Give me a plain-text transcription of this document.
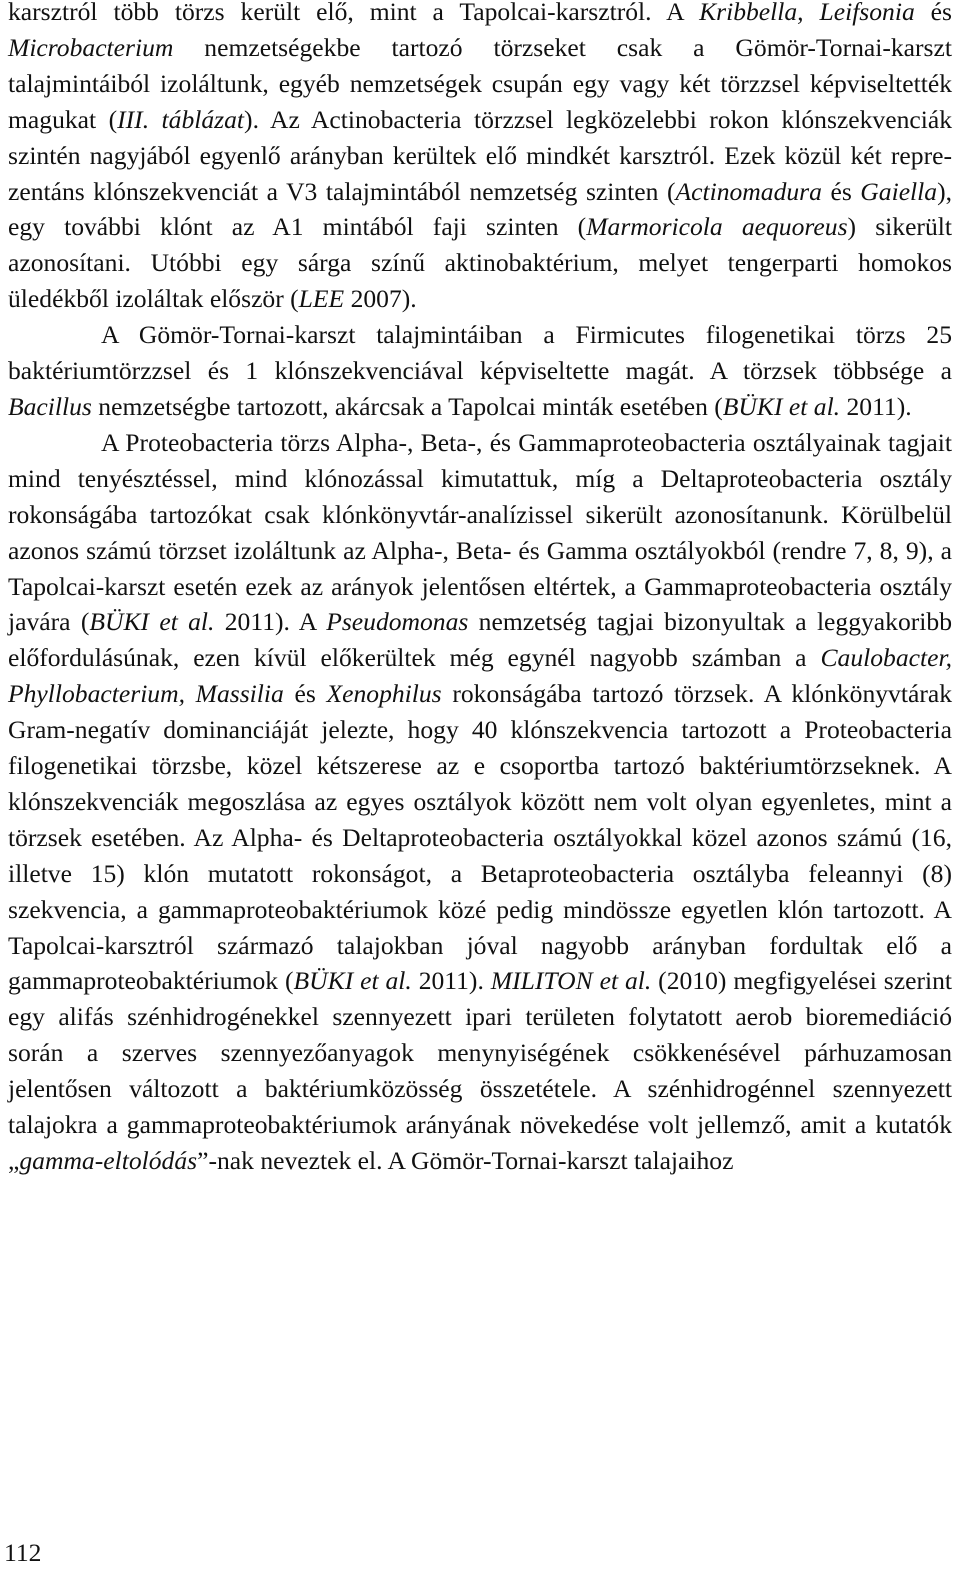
karsztról több törzs került elő, mint a Tapolcai-karsztról. A Kribbella, Leifsonia és Microbacterium nemzetségekbe tartozó törzseket csak a Gömör-Tornai-karszt talajmintáiból izoláltunk, egyéb nemzetségek csupán egy vagy két törzzsel képviseltették magukat (III. táblázat). Az Actinobacteria törzzsel legközelebbi rokon klónszekvenciák szintén nagyjából egyenlő arányban kerültek elő mindkét karsztról. Ezek közül két reprezentáns klónszekvenciát a V3 talajmintából nemzetség szinten (Actinomadura és Gaiella), egy további klónt az A1 mintából faji szinten (Marmoricola aequoreus) sikerült azonosítani. Utóbbi egy sárga színű aktinobaktérium, melyet tengerparti homokos üledékből izoláltak először (LEE 2007).

A Gömör-Tornai-karszt talajmintáiban a Firmicutes filogenetikai törzs 25 baktériumtörzzsel és 1 klónszekvenciával képviseltette magát. A törzsek többsége a Bacillus nemzetségbe tartozott, akárcsak a Tapolcai minták esetében (BÜKI et al. 2011).

A Proteobacteria törzs Alpha-, Beta-, és Gammaproteobacteria osztályainak tagjait mind tenyésztéssel, mind klónozással kimutattuk, míg a Deltaproteobacteria osztály rokonságába tartozókat csak klónkönyvtár-analízissel sikerült azonosítanunk. Körülbelül azonos számú törzset izoláltunk az Alpha-, Beta- és Gamma osztályokból (rendre 7, 8, 9), a Tapolcai-karszt esetén ezek az arányok jelentősen eltértek, a Gammaproteobacteria osztály javára (BÜKI et al. 2011). A Pseudomonas nemzetség tagjai bizonyultak a leggyakoribb előfordulásúnak, ezen kívül előkerültek még egynél nagyobb számban a Caulobacter, Phyllobacterium, Massilia és Xenophilus rokonságába tartozó törzsek. A klónkönyvtárak Gram-negatív dominanciáját jelezte, hogy 40 klónszekvencia tartozott a Proteobacteria filogenetikai törzsbe, közel kétszerese az e csoportba tartozó baktériumtörzseknek. A klónszekvenciák megoszlása az egyes osztályok között nem volt olyan egyenletes, mint a törzsek esetében. Az Alpha- és Deltaproteobacteria osztályokkal közel azonos számú (16, illetve 15) klón mutatott rokonságot, a Betaproteobacteria osztályba feleannyi (8) szekvencia, a gammaproteobaktériumok közé pedig mindössze egyetlen klón tartozott. A Tapolcai-karsztról származó talajokban jóval nagyobb arányban fordultak elő a gammaproteobaktériumok (BÜKI et al. 2011). MILITON et al. (2010) megfigyelései szerint egy alifás szénhidrogénekkel szennyezett ipari területen folytatott aerob bioremediáció során a szerves szennyezőanyagok menynyiségének csökkenésével párhuzamosan jelentősen változott a baktériumközösség összetétele. A szénhidrogénnel szennyezett talajokra a gammaproteobaktériumok arányának növekedése volt jellemző, amit a kutatók „gamma-eltolódás”-nak neveztek el. A Gömör-Tornai-karszt talajaihoz

112
